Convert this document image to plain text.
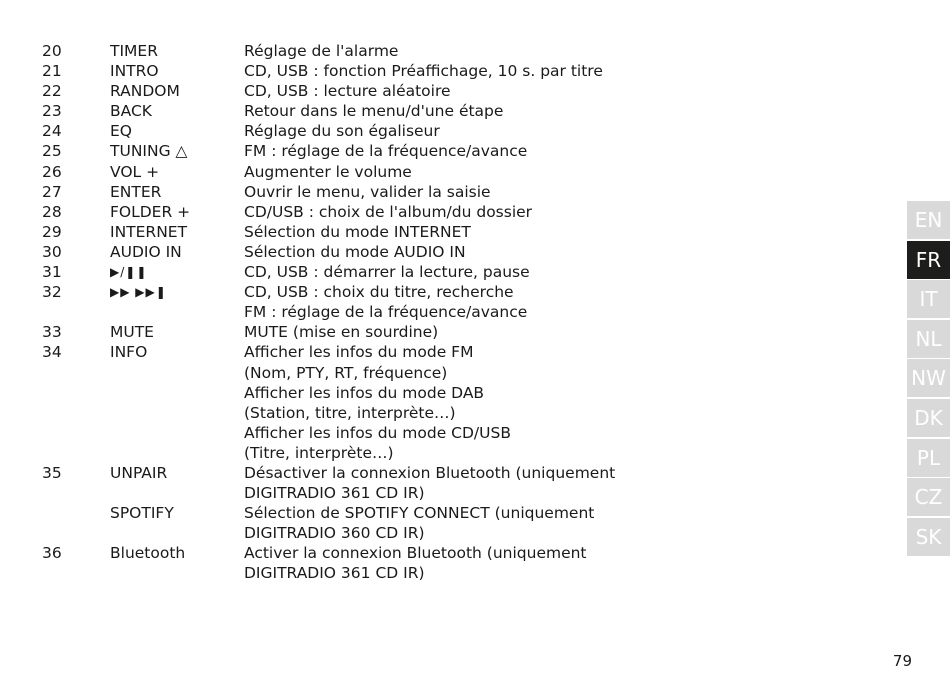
20	TIMER	Réglage de l'alarme
21	INTRO	CD, USB : fonction Préaffichage, 10 s. par titre
22	RANDOM	CD, USB : lecture aléatoire
23	BACK	Retour dans le menu/d'une étape
24	EQ	Réglage du son égaliseur
25	TUNING △	FM : réglage de la fréquence/avance
26	VOL +	Augmenter le volume
27	ENTER	Ouvrir le menu, valider la saisie
28	FOLDER +	CD/USB : choix de l'album/du dossier
29	INTERNET	Sélection du mode INTERNET
30	AUDIO IN	Sélection du mode AUDIO IN
31	▶/❚❚	CD, USB : démarrer la lecture, pause
32	▶▶ ▶▶❚	CD, USB : choix du titre, recherche
FM : réglage de la fréquence/avance
33	MUTE	MUTE (mise en sourdine)
34	INFO	Afficher les infos du mode FM
(Nom, PTY, RT, fréquence)
Afficher les infos du mode DAB
(Station, titre, interprète…)
Afficher les infos du mode CD/USB
(Titre, interprète…)
35	UNPAIR	Désactiver la connexion Bluetooth (uniquement
DIGITRADIO 361 CD IR)
SPOTIFY	Sélection de SPOTIFY CONNECT (uniquement
DIGITRADIO 360 CD IR)
36	Bluetooth	Activer la connexion Bluetooth (uniquement
DIGITRADIO 361 CD IR)
EN
FR
IT
NL
NW
DK
PL
CZ
SK
79
